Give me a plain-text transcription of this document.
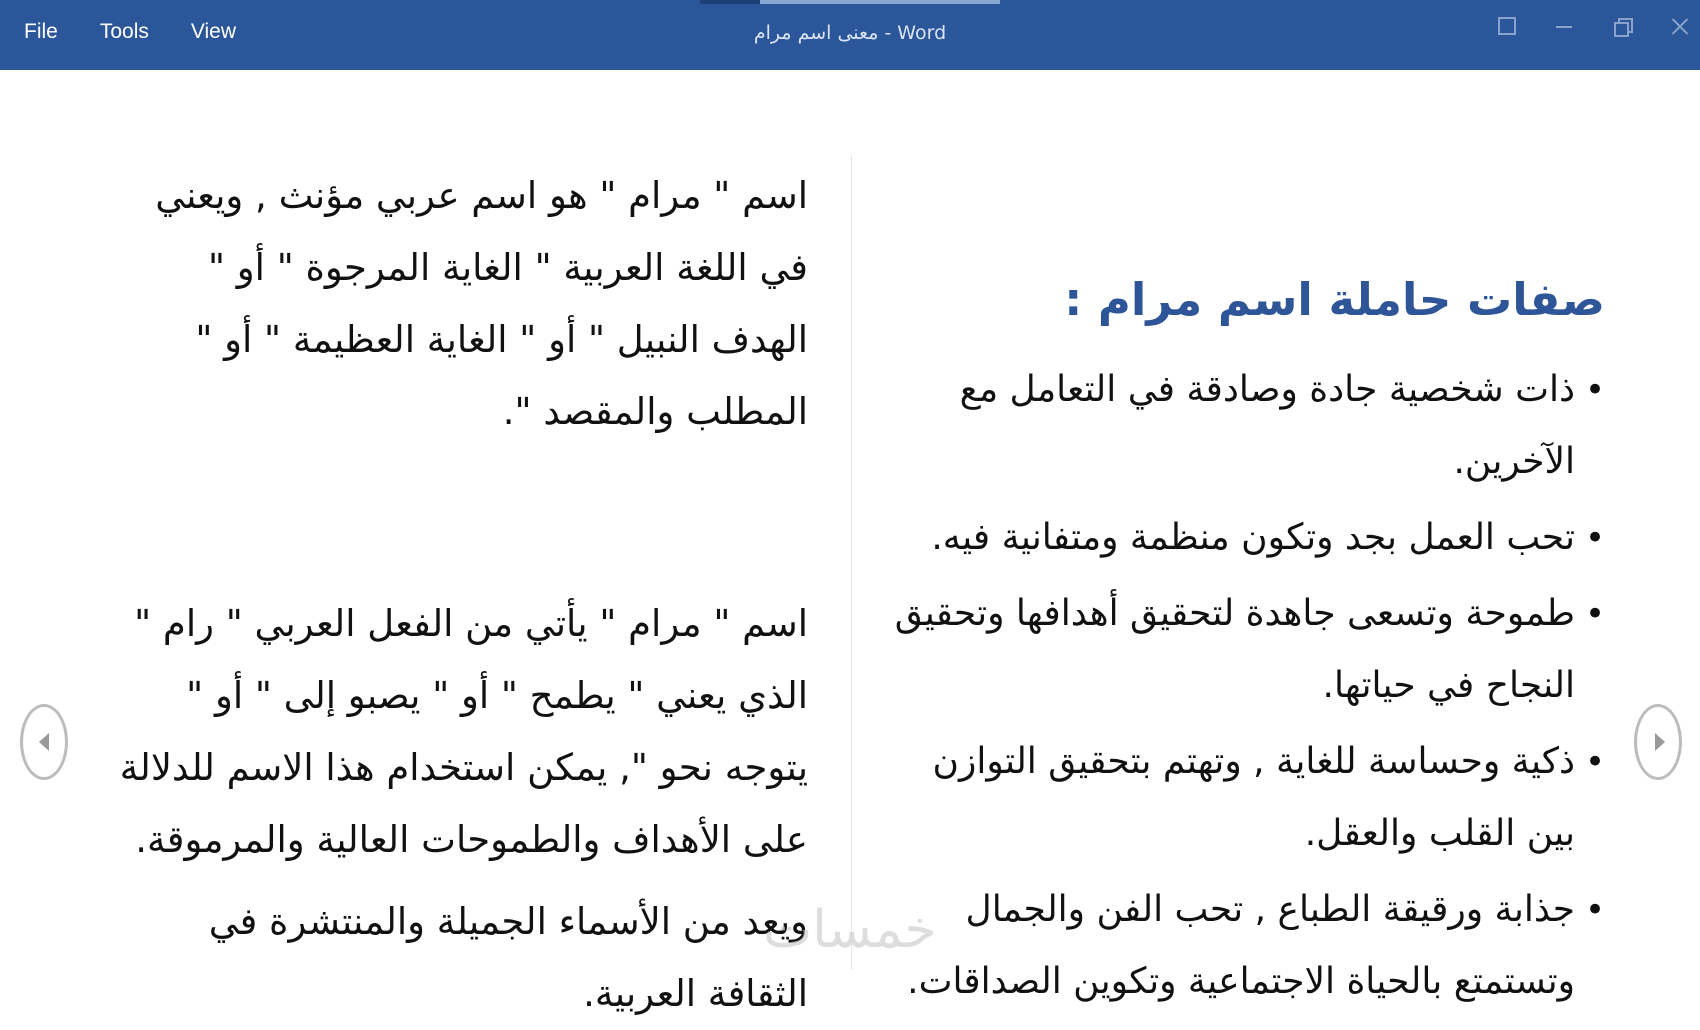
File Tools View	معنى اسم مرام - Word

اسم " مرام " هو اسم عربي مؤنث , ويعني في اللغة العربية " الغاية المرجوة " أو " الهدف النبيل " أو " الغاية العظيمة " أو " المطلب والمقصد ".

اسم " مرام " يأتي من الفعل العربي " رام " الذي يعني " يطمح " أو " يصبو إلى " أو " يتوجه نحو ", يمكن استخدام هذا الاسم للدلالة على الأهداف والطموحات العالية والمرموقة.

ويعد من الأسماء الجميلة والمنتشرة في الثقافة العربية.

صفات حاملة اسم مرام :
•
ذات شخصية جادة وصادقة في التعامل مع الآخرين.
•
تحب العمل بجد وتكون منظمة ومتفانية فيه.
•
طموحة وتسعى جاهدة لتحقيق أهدافها وتحقيق النجاح في حياتها.
•
ذكية وحساسة للغاية , وتهتم بتحقيق التوازن بين القلب والعقل.
•
جذابة ورقيقة الطباع , تحب الفن والجمال وتستمتع بالحياة الاجتماعية وتكوين الصداقات.
خمسات
